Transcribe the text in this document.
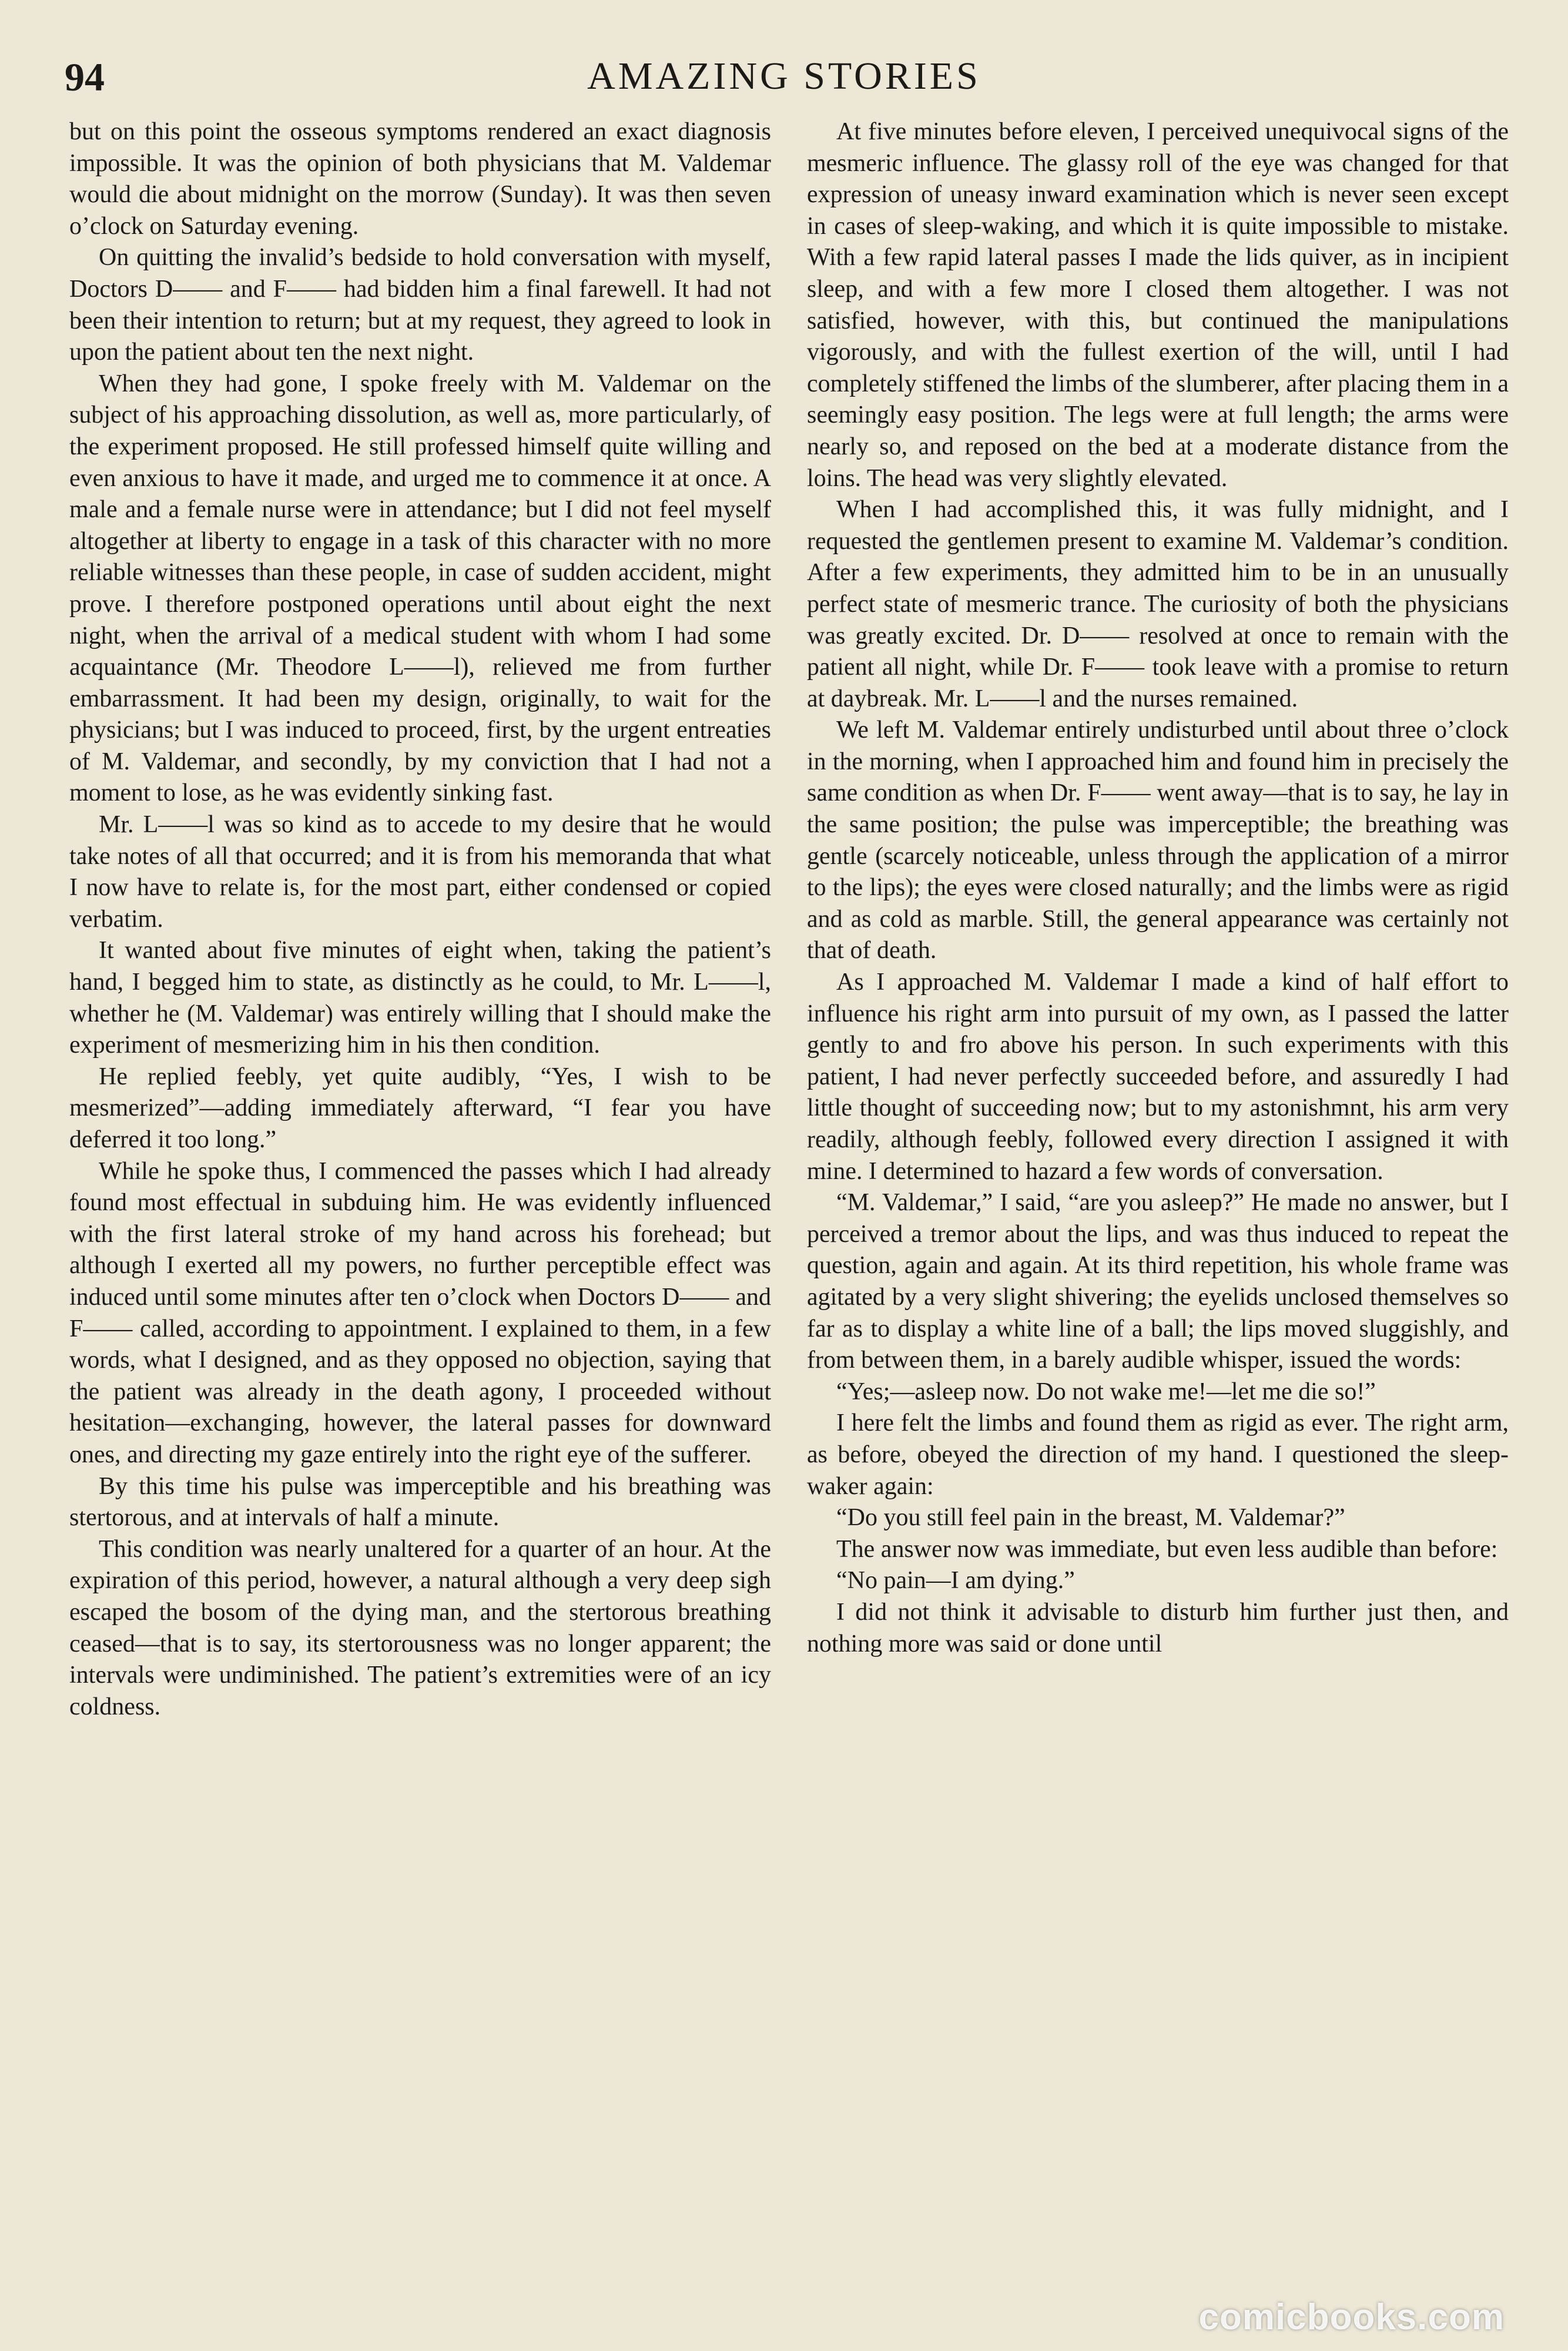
94	AMAZING STORIES

but on this point the osseous symptoms rendered an exact diagnosis impossible. It was the opinion of both physicians that M. Valdemar would die about midnight on the morrow (Sunday). It was then seven o’clock on Saturday evening.

On quitting the invalid’s bedside to hold conversation with myself, Doctors D—— and F—— had bidden him a final farewell. It had not been their intention to return; but at my request, they agreed to look in upon the patient about ten the next night.

When they had gone, I spoke freely with M. Valdemar on the subject of his approaching dissolution, as well as, more particularly, of the experiment proposed. He still professed himself quite willing and even anxious to have it made, and urged me to commence it at once. A male and a female nurse were in attendance; but I did not feel myself altogether at liberty to engage in a task of this character with no more reliable witnesses than these people, in case of sudden accident, might prove. I therefore postponed operations until about eight the next night, when the arrival of a medical student with whom I had some acquaintance (Mr. Theodore L——l), relieved me from further embarrassment. It had been my design, originally, to wait for the physicians; but I was induced to proceed, first, by the urgent entreaties of M. Valdemar, and secondly, by my conviction that I had not a moment to lose, as he was evidently sinking fast.

Mr. L——l was so kind as to accede to my desire that he would take notes of all that occurred; and it is from his memoranda that what I now have to relate is, for the most part, either condensed or copied verbatim.

It wanted about five minutes of eight when, taking the patient’s hand, I begged him to state, as distinctly as he could, to Mr. L——l, whether he (M. Valdemar) was entirely willing that I should make the experiment of mesmerizing him in his then condition.

He replied feebly, yet quite audibly, “Yes, I wish to be mesmerized”—adding immediately afterward, “I fear you have deferred it too long.”

While he spoke thus, I commenced the passes which I had already found most effectual in subduing him. He was evidently influenced with the first lateral stroke of my hand across his forehead; but although I exerted all my powers, no further perceptible effect was induced until some minutes after ten o’clock when Doctors D—— and F—— called, according to appointment. I explained to them, in a few words, what I designed, and as they opposed no objection, saying that the patient was already in the death agony, I proceeded without hesitation—exchanging, however, the lateral passes for downward ones, and directing my gaze entirely into the right eye of the sufferer.

By this time his pulse was imperceptible and his breathing was stertorous, and at intervals of half a minute.

This condition was nearly unaltered for a quarter of an hour. At the expiration of this period, however, a natural although a very deep sigh escaped the bosom of the dying man, and the stertorous breathing ceased—that is to say, its stertorousness was no longer apparent; the intervals were undiminished. The patient’s extremities were of an icy coldness.

At five minutes before eleven, I perceived unequivocal signs of the mesmeric influence. The glassy roll of the eye was changed for that expression of uneasy inward examination which is never seen except in cases of sleep-waking, and which it is quite impossible to mistake. With a few rapid lateral passes I made the lids quiver, as in incipient sleep, and with a few more I closed them altogether. I was not satisfied, however, with this, but continued the manipulations vigorously, and with the fullest exertion of the will, until I had completely stiffened the limbs of the slumberer, after placing them in a seemingly easy position. The legs were at full length; the arms were nearly so, and reposed on the bed at a moderate distance from the loins. The head was very slightly elevated.

When I had accomplished this, it was fully midnight, and I requested the gentlemen present to examine M. Valdemar’s condition. After a few experiments, they admitted him to be in an unusually perfect state of mesmeric trance. The curiosity of both the physicians was greatly excited. Dr. D—— resolved at once to remain with the patient all night, while Dr. F—— took leave with a promise to return at daybreak. Mr. L——l and the nurses remained.

We left M. Valdemar entirely undisturbed until about three o’clock in the morning, when I approached him and found him in precisely the same condition as when Dr. F—— went away—that is to say, he lay in the same position; the pulse was imperceptible; the breathing was gentle (scarcely noticeable, unless through the application of a mirror to the lips); the eyes were closed naturally; and the limbs were as rigid and as cold as marble. Still, the general appearance was certainly not that of death.

As I approached M. Valdemar I made a kind of half effort to influence his right arm into pursuit of my own, as I passed the latter gently to and fro above his person. In such experiments with this patient, I had never perfectly succeeded before, and assuredly I had little thought of succeeding now; but to my astonishmnt, his arm very readily, although feebly, followed every direction I assigned it with mine. I determined to hazard a few words of conversation.

“M. Valdemar,” I said, “are you asleep?” He made no answer, but I perceived a tremor about the lips, and was thus induced to repeat the question, again and again. At its third repetition, his whole frame was agitated by a very slight shivering; the eyelids unclosed themselves so far as to display a white line of a ball; the lips moved sluggishly, and from between them, in a barely audible whisper, issued the words:

“Yes;—asleep now. Do not wake me!—let me die so!”

I here felt the limbs and found them as rigid as ever. The right arm, as before, obeyed the direction of my hand. I questioned the sleep-waker again:

“Do you still feel pain in the breast, M. Valdemar?”

The answer now was immediate, but even less audible than before:

“No pain—I am dying.”

I did not think it advisable to disturb him further just then, and nothing more was said or done until

comicbooks.com
